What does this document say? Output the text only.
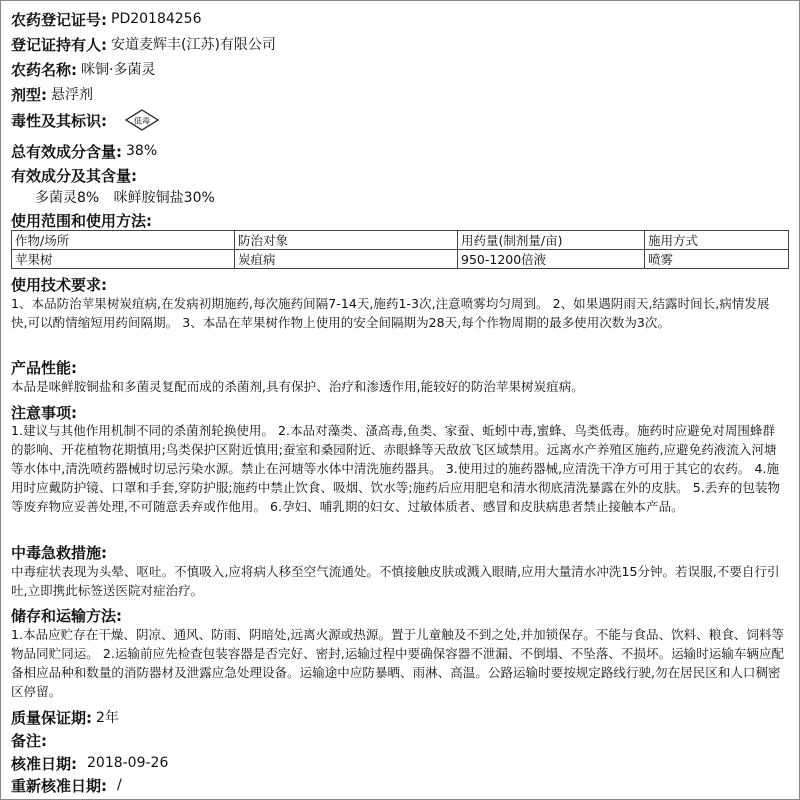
农药登记证号: PD20184256
登记证持有人: 安道麦辉丰(江苏)有限公司
农药名称: 咪铜·多菌灵
剂型: 悬浮剂
毒性及其标识:	低毒
总有效成分含量: 38%
有效成分及其含量:
多菌灵8% 咪鲜胺铜盐30%
使用范围和使用方法:
作物/场所	防治对象	用药量(制剂量/亩)	施用方式
苹果树	炭疽病	950-1200倍液	喷雾
使用技术要求:
1、本品防治苹果树炭疽病,在发病初期施药,每次施药间隔7-14天,施药1-3次,注意喷雾均匀周到。 2、如果遇阴雨天,结露时间长,病情发展快,可以酌情缩短用药间隔期。 3、本品在苹果树作物上使用的安全间隔期为28天,每个作物周期的最多使用次数为3次。
产品性能:
本品是咪鲜胺铜盐和多菌灵复配而成的杀菌剂,具有保护、治疗和渗透作用,能较好的防治苹果树炭疽病。
注意事项:
1.建议与其他作用机制不同的杀菌剂轮换使用。 2.本品对藻类、溞高毒,鱼类、家蚕、蚯蚓中毒,蜜蜂、鸟类低毒。施药时应避免对周围蜂群的影响、开花植物花期慎用;鸟类保护区附近慎用;蚕室和桑园附近、赤眼蜂等天敌放飞区域禁用。远离水产养殖区施药,应避免药液流入河塘等水体中,清洗喷药器械时切忌污染水源。禁止在河塘等水体中清洗施药器具。 3.使用过的施药器械,应清洗干净方可用于其它的农药。 4.施用时应戴防护镜、口罩和手套,穿防护服;施药中禁止饮食、吸烟、饮水等;施药后应用肥皂和清水彻底清洗暴露在外的皮肤。 5.丢弃的包装物等废弃物应妥善处理,不可随意丢弃或作他用。 6.孕妇、哺乳期的妇女、过敏体质者、感冒和皮肤病患者禁止接触本产品。
中毒急救措施:
中毒症状表现为头晕、呕吐。不慎吸入,应将病人移至空气流通处。不慎接触皮肤或溅入眼睛,应用大量清水冲洗15分钟。若误服,不要自行引吐,立即携此标签送医院对症治疗。
储存和运输方法:
1.本品应贮存在干燥、阴凉、通风、防雨、阴暗处,远离火源或热源。置于儿童触及不到之处,并加锁保存。不能与食品、饮料、粮食、饲料等物品同贮同运。 2.运输前应先检查包装容器是否完好、密封,运输过程中要确保容器不泄漏、不倒塌、不坠落、不损坏。运输时运输车辆应配备相应品种和数量的消防器材及泄露应急处理设备。运输途中应防暴晒、雨淋、高温。公路运输时要按规定路线行驶,勿在居民区和人口稠密区停留。
质量保证期: 2年
备注:
核准日期: 2018-09-26
重新核准日期: /
